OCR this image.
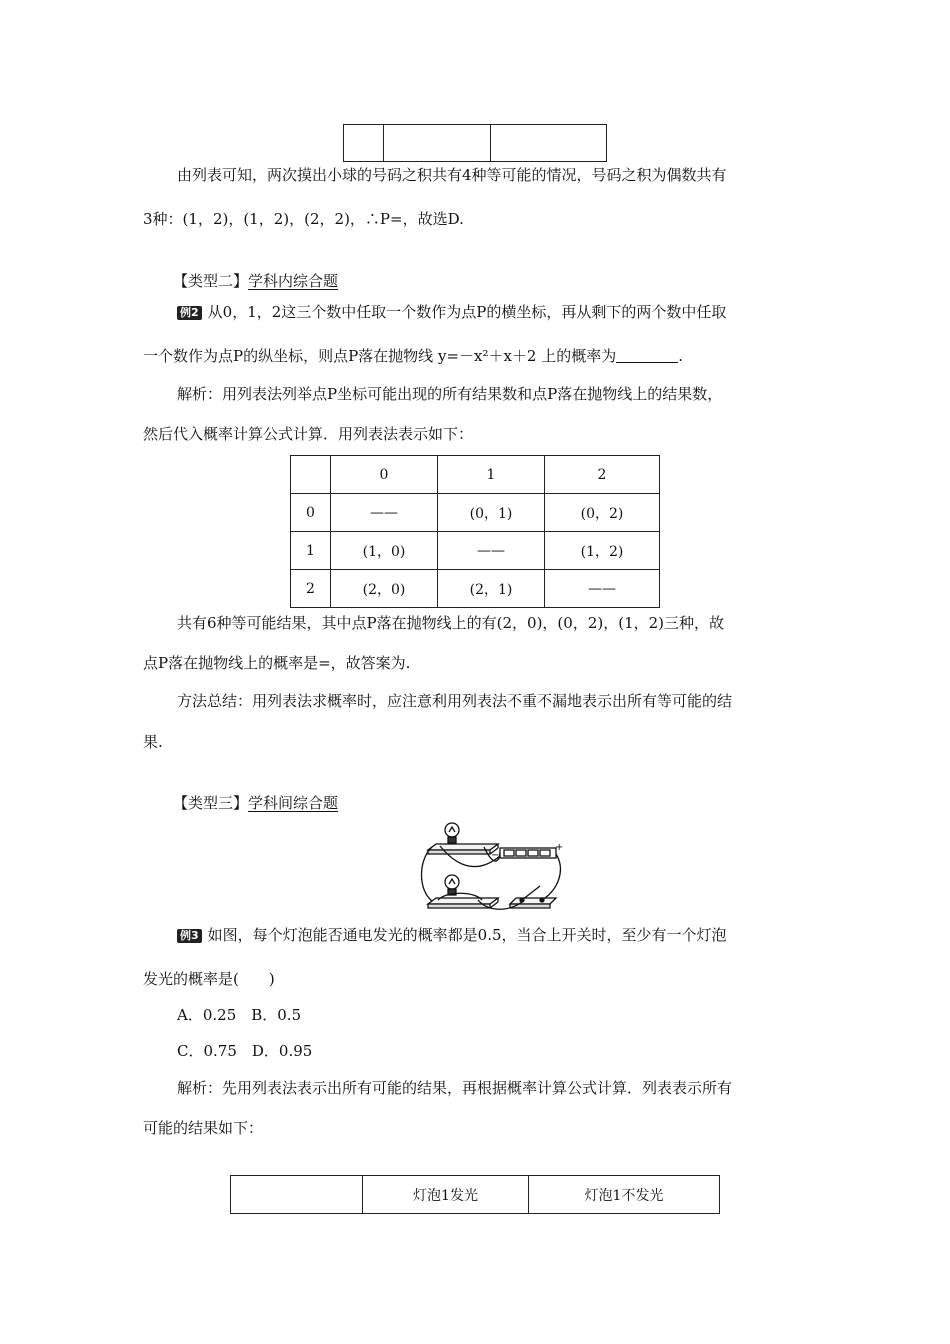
由列表可知，两次摸出小球的号码之积共有4种等可能的情况，号码之积为偶数共有
3种：(1，2)，(1，2)，(2，2)，∴P=，故选D.
【类型二】学科内综合题
例2 从0，1，2这三个数中任取一个数作为点P的横坐标，再从剩下的两个数中任取
一个数作为点P的纵坐标，则点P落在抛物线 y=－x²＋x＋2 上的概率为	.
解析：用列表法列举点P坐标可能出现的所有结果数和点P落在抛物线上的结果数，
然后代入概率计算公式计算．用列表法表示如下：
	0	1	2
0	——	(0，1)	(0，2)
1	(1，0)	——	(1，2)
2	(2，0)	(2，1)	——
共有6种等可能结果，其中点P落在抛物线上的有(2，0)，(0，2)，(1，2)三种，故
点P落在抛物线上的概率是=，故答案为.
方法总结：用列表法求概率时，应注意利用列表法不重不漏地表示出所有等可能的结
果.
【类型三】学科间综合题
−
+
例3 如图，每个灯泡能否通电发光的概率都是0.5，当合上开关时，至少有一个灯泡
发光的概率是(　　)
A．0.25　B．0.5
C．0.75　D．0.95
解析：先用列表法表示出所有可能的结果，再根据概率计算公式计算．列表表示所有
可能的结果如下：
	灯泡1发光	灯泡1不发光
